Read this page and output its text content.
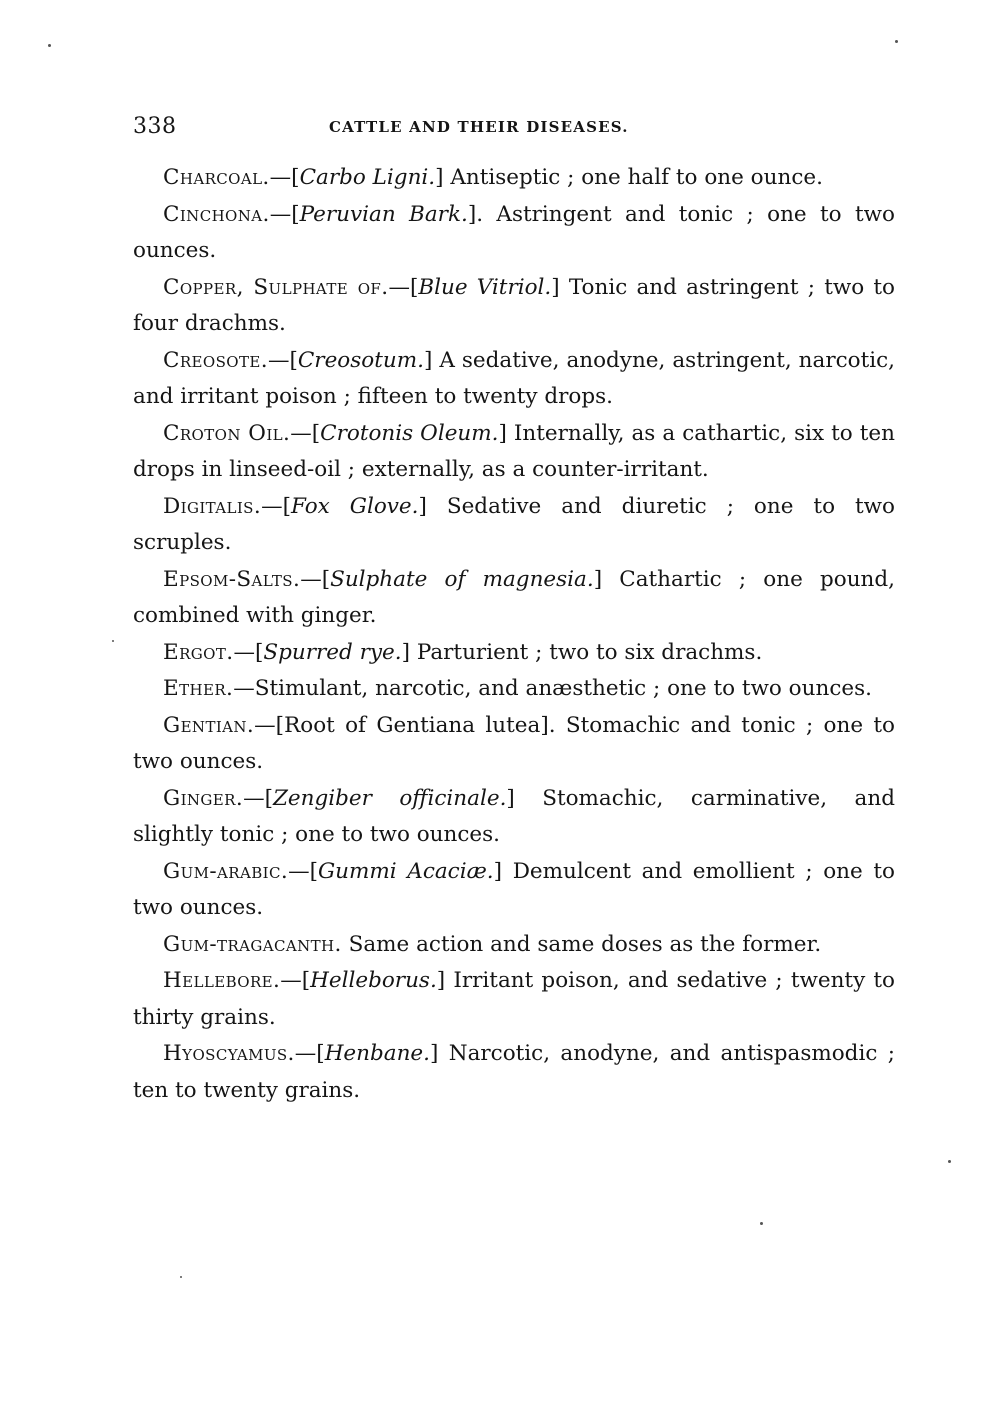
338	CATTLE AND THEIR DISEASES.

Charcoal.—[Carbo Ligni.] Antiseptic ; one half to one ounce.

Cinchona.—[Peruvian Bark.]. Astringent and tonic ; one to two ounces.

Copper, Sulphate of.—[Blue Vitriol.] Tonic and astringent ; two to four drachms.

Creosote.—[Creosotum.] A sedative, anodyne, astringent, narcotic, and irritant poison ; fifteen to twenty drops.

Croton Oil.—[Crotonis Oleum.] Internally, as a cathartic, six to ten drops in linseed-oil ; externally, as a counter-irritant.

Digitalis.—[Fox Glove.] Sedative and diuretic ; one to two scruples.

Epsom-Salts.—[Sulphate of magnesia.] Cathartic ; one pound, combined with ginger.

Ergot.—[Spurred rye.] Parturient ; two to six drachms.

Ether.—Stimulant, narcotic, and anæsthetic ; one to two ounces.

Gentian.—[Root of Gentiana lutea]. Stomachic and tonic ; one to two ounces.

Ginger.—[Zengiber officinale.] Stomachic, carminative, and slightly tonic ; one to two ounces.

Gum-arabic.—[Gummi Acaciæ.] Demulcent and emollient ; one to two ounces.

Gum-tragacanth. Same action and same doses as the former.

Hellebore.—[Helleborus.] Irritant poison, and sedative ; twenty to thirty grains.

Hyoscyamus.—[Henbane.] Narcotic, anodyne, and antispasmodic ; ten to twenty grains.
